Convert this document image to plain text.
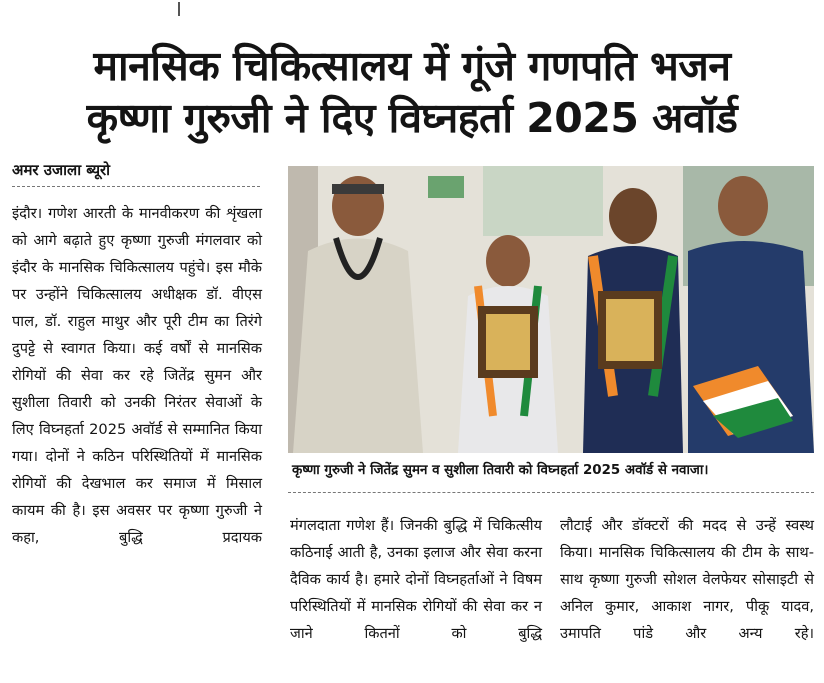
मानसिक चिकित्सालय में गूंजे गणपति भजन
कृष्णा गुरुजी ने दिए विघ्नहर्ता 2025 अवॉर्ड
अमर उजाला ब्यूरो
इंदौर। गणेश आरती के मानवीकरण की शृंखला को आगे बढ़ाते हुए कृष्णा गुरुजी मंगलवार को इंदौर के मानसिक चिकित्सालय पहुंचे। इस मौके पर उन्होंने चिकित्सालय अधीक्षक डॉ. वीएस पाल, डॉ. राहुल माथुर और पूरी टीम का तिरंगे दुपट्टे से स्वागत किया। कई वर्षों से मानसिक रोगियों की सेवा कर रहे जितेंद्र सुमन और सुशीला तिवारी को उनकी निरंतर सेवाओं के लिए विघ्नहर्ता 2025 अवॉर्ड से सम्मानित किया गया। दोनों ने कठिन परिस्थितियों में मानसिक रोगियों की देखभाल कर समाज में मिसाल कायम की है। इस अवसर पर कृष्णा गुरुजी ने कहा, बुद्धि प्रदायक
कृष्णा गुरुजी ने जितेंद्र सुमन व सुशीला तिवारी को विघ्नहर्ता 2025 अवॉर्ड से नवाजा।
मंगलदाता गणेश हैं। जिनकी बुद्धि में चिकित्सीय कठिनाई आती है, उनका इलाज और सेवा करना दैविक कार्य है। हमारे दोनों विघ्नहर्ताओं ने विषम परिस्थितियों में मानसिक रोगियों की सेवा कर न जाने कितनों को बुद्धि
लौटाई और डॉक्टरों की मदद से उन्हें स्वस्थ किया। मानसिक चिकित्सालय की टीम के साथ-साथ कृष्णा गुरुजी सोशल वेलफेयर सोसाइटी से अनिल कुमार, आकाश नागर, पीकू यादव, उमापति पांडे और अन्य रहे।
